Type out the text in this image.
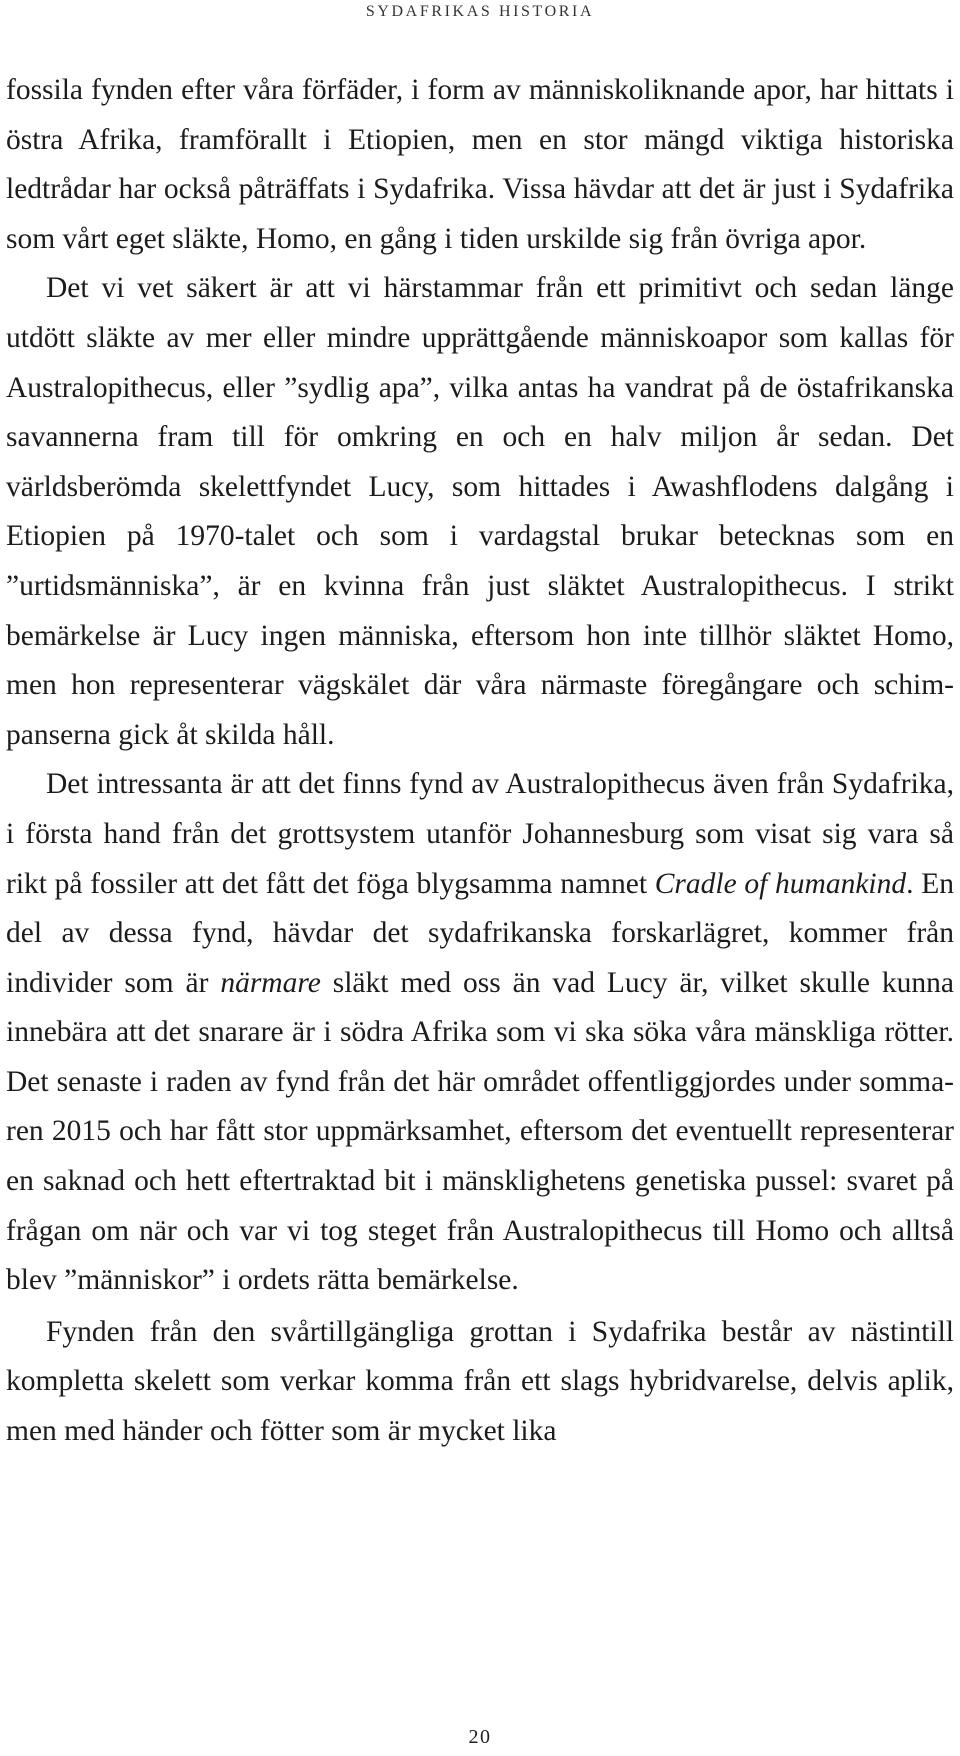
SYDAFRIKAS HISTORIA

fossila fynden efter våra förfäder, i form av människoliknande apor, har hittats i östra Afrika, framförallt i Etiopien, men en stor mängd viktiga historiska ledtrådar har också påträffats i Sydafrika. Vissa hävdar att det är just i Sydafrika som vårt eget släkte, Homo, en gång i tiden urskilde sig från övriga apor.

Det vi vet säkert är att vi härstammar från ett primitivt och sedan länge utdött släkte av mer eller mindre upprättgående människoapor som kallas för Australopithecus, eller ”sydlig apa”, vilka antas ha vandrat på de östafrikanska savannerna fram till för omkring en och en halv miljon år sedan. Det världsberömda skelettfyndet Lucy, som hittades i Awashflodens dalgång i Etiopien på 1970-talet och som i vardagstal brukar betecknas som en ”urtidsmänniska”, är en kvinna från just släktet Australopithecus. I strikt bemärkelse är Lucy ingen människa, eftersom hon inte tillhör släktet Homo, men hon representerar vägskälet där våra närmaste föregångare och schimpanserna gick åt skilda håll.

Det intressanta är att det finns fynd av Australopithecus även från Sydafrika, i första hand från det grottsystem utanför Johannesburg som visat sig vara så rikt på fossiler att det fått det föga blygsamma namnet Cradle of humankind. En del av dessa fynd, hävdar det sydafrikanska forskarlägret, kommer från individer som är närmare släkt med oss än vad Lucy är, vilket skulle kunna innebära att det snarare är i södra Afrika som vi ska söka våra mänskliga rötter. Det senaste i raden av fynd från det här området offentliggjordes under sommaren 2015 och har fått stor uppmärksamhet, eftersom det eventuellt representerar en saknad och hett eftertraktad bit i mänsklighetens genetiska pussel: svaret på frågan om när och var vi tog steget från Australopithecus till Homo och alltså blev ”människor” i ordets rätta bemärkelse.

Fynden från den svårtillgängliga grottan i Sydafrika består av nästintill kompletta skelett som verkar komma från ett slags hybridvarelse, delvis aplik, men med händer och fötter som är mycket lika

20
